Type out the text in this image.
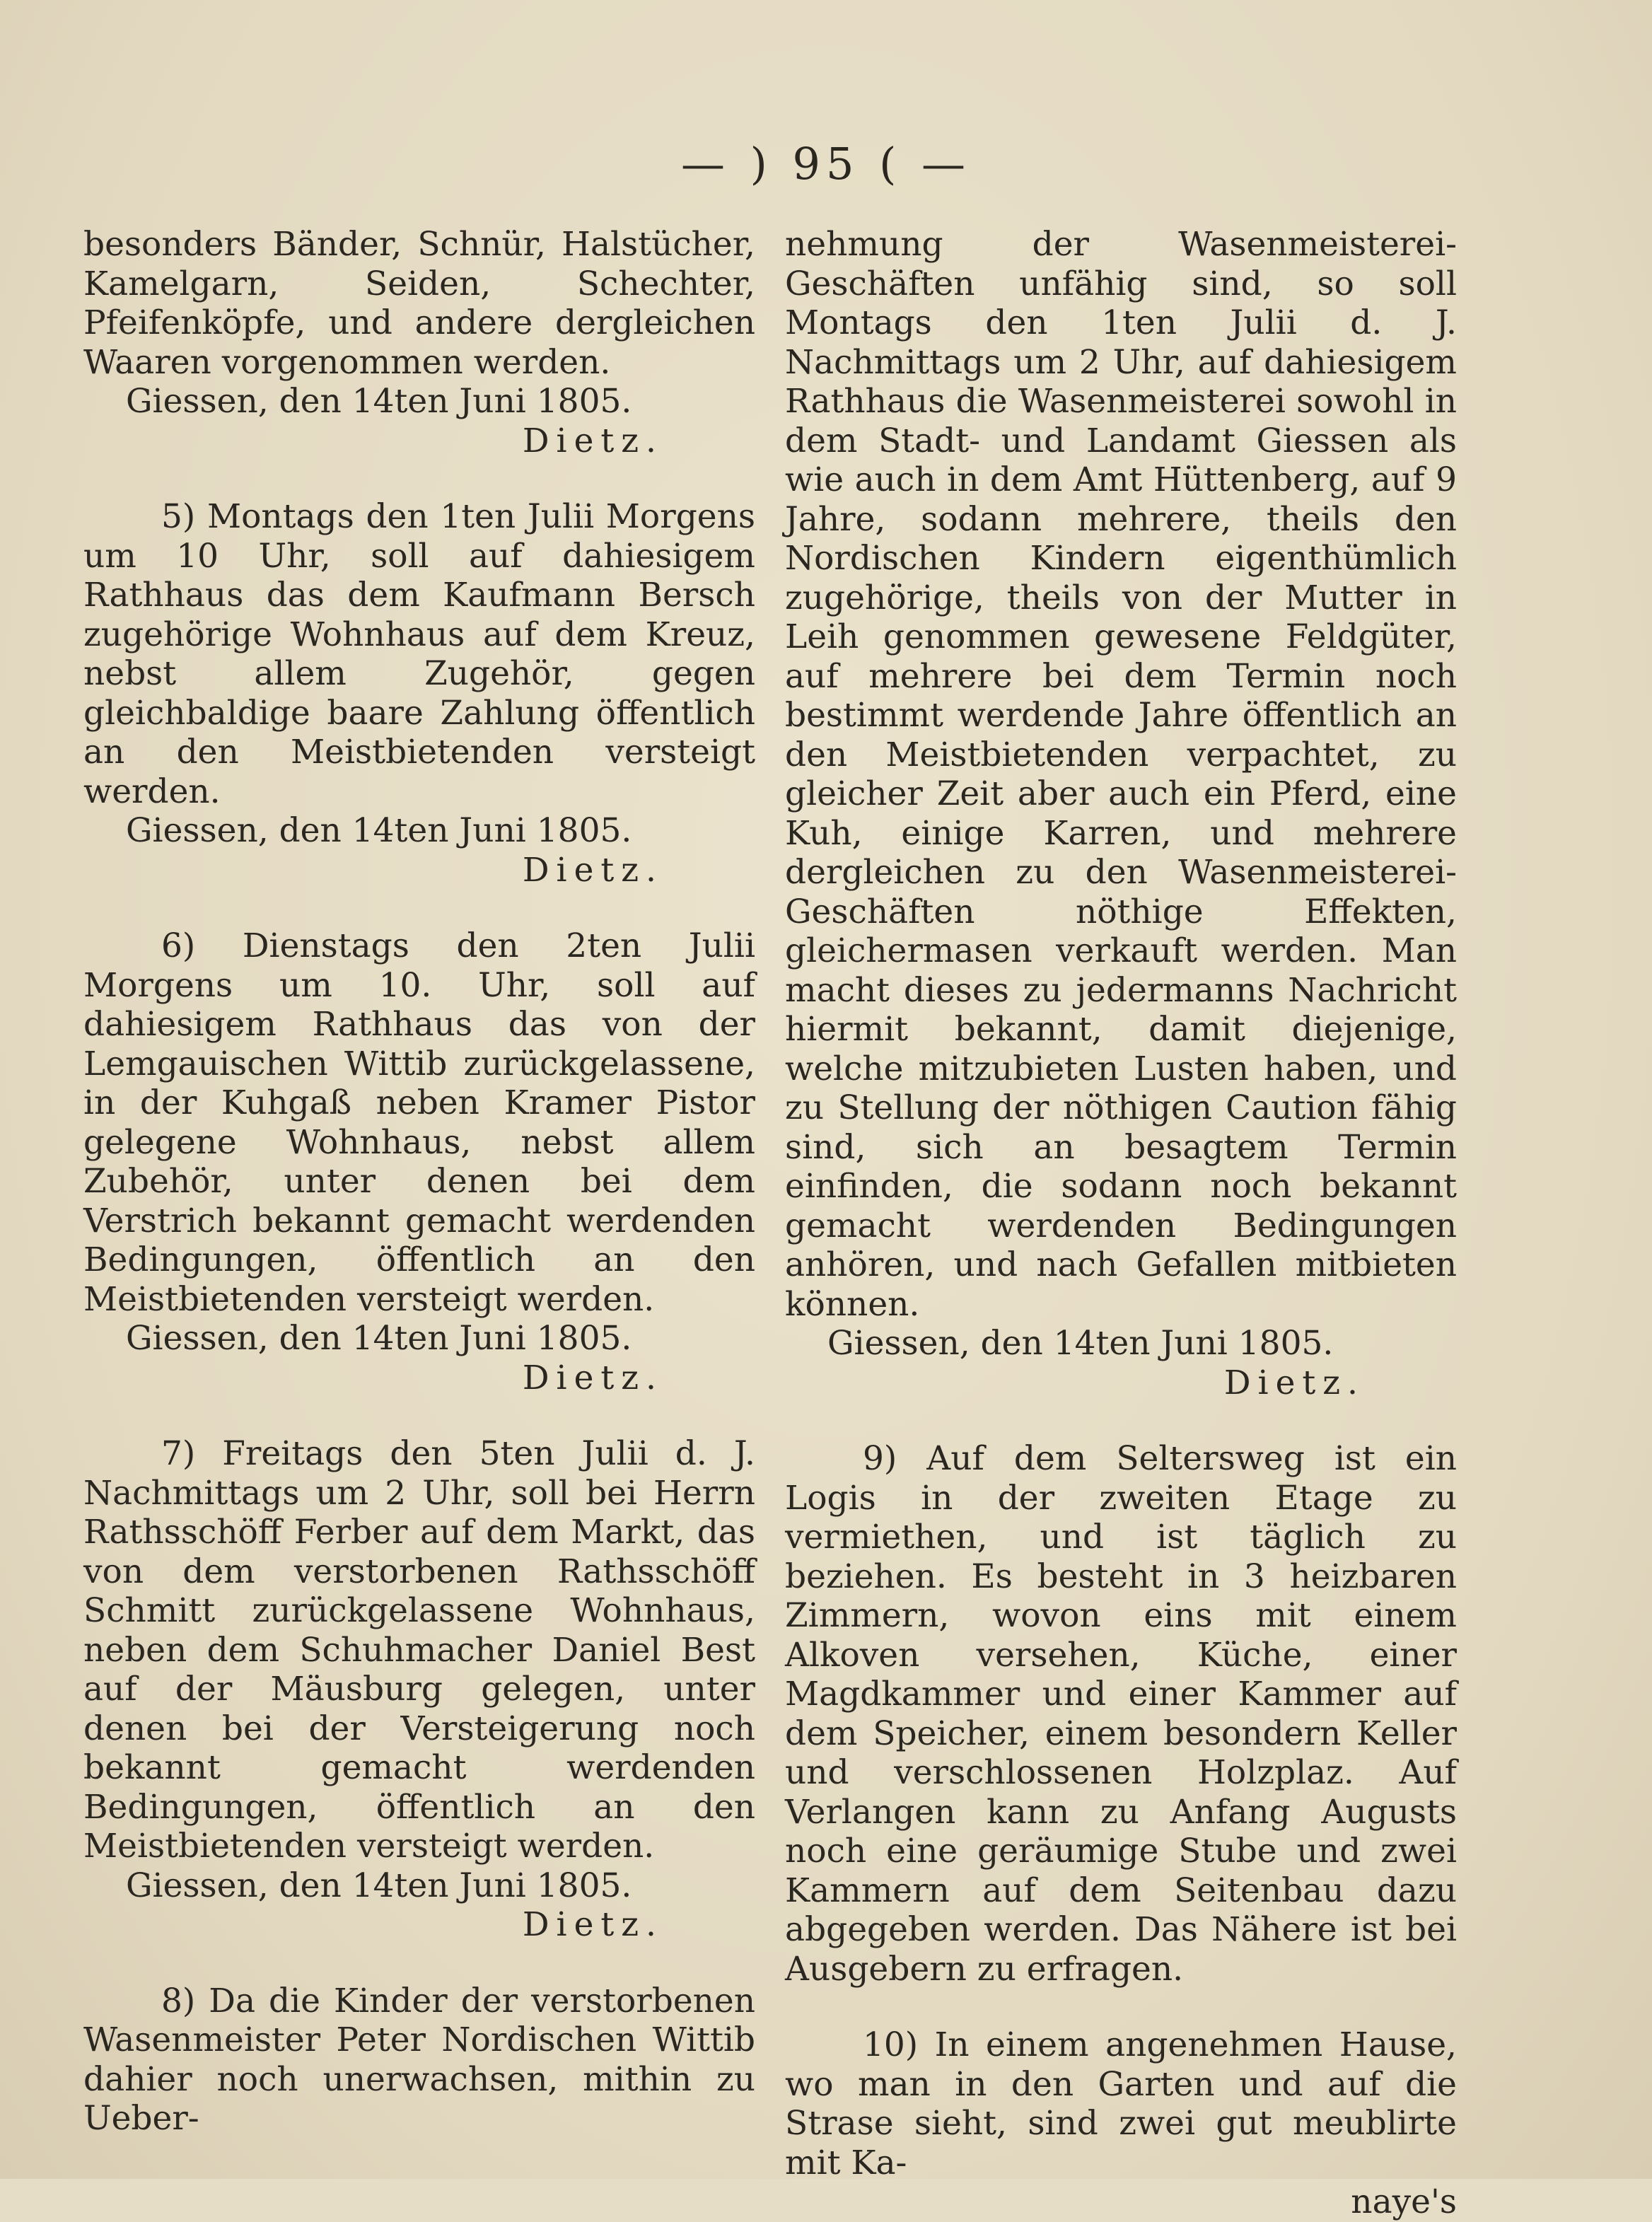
— ) 95 ( —

besonders Bänder, Schnür, Halstücher, Kamelgarn, Seiden, Schechter, Pfeifenköpfe, und andere dergleichen Waaren vorgenommen werden.

Giessen, den 14ten Juni 1805.

Dietz.

5) Montags den 1ten Julii Morgens um 10 Uhr, soll auf dahiesigem Rathhaus das dem Kaufmann Bersch zugehörige Wohnhaus auf dem Kreuz, nebst allem Zugehör, gegen gleichbaldige baare Zahlung öffentlich an den Meistbietenden versteigt werden.

Giessen, den 14ten Juni 1805.

Dietz.

6) Dienstags den 2ten Julii Morgens um 10. Uhr, soll auf dahiesigem Rathhaus das von der Lemgauischen Wittib zurückgelassene, in der Kuhgaß neben Kramer Pistor gelegene Wohnhaus, nebst allem Zubehör, unter denen bei dem Verstrich bekannt gemacht werdenden Bedingungen, öffentlich an den Meistbietenden versteigt werden.

Giessen, den 14ten Juni 1805.

Dietz.

7) Freitags den 5ten Julii d. J. Nachmittags um 2 Uhr, soll bei Herrn Rathsschöff Ferber auf dem Markt, das von dem verstorbenen Rathsschöff Schmitt zurückgelassene Wohnhaus, neben dem Schuhmacher Daniel Best auf der Mäusburg gelegen, unter denen bei der Versteigerung noch bekannt gemacht werdenden Bedingungen, öffentlich an den Meistbietenden versteigt werden.

Giessen, den 14ten Juni 1805.

Dietz.

8) Da die Kinder der verstorbenen Wasenmeister Peter Nordischen Wittib dahier noch unerwachsen, mithin zu Ueber-

nehmung der Wasenmeisterei-Geschäften unfähig sind, so soll Montags den 1ten Julii d. J. Nachmittags um 2 Uhr, auf dahiesigem Rathhaus die Wasenmeisterei sowohl in dem Stadt- und Landamt Giessen als wie auch in dem Amt Hüttenberg, auf 9 Jahre, sodann mehrere, theils den Nordischen Kindern eigenthümlich zugehörige, theils von der Mutter in Leih genommen gewesene Feldgüter, auf mehrere bei dem Termin noch bestimmt werdende Jahre öffentlich an den Meistbietenden verpachtet, zu gleicher Zeit aber auch ein Pferd, eine Kuh, einige Karren, und mehrere dergleichen zu den Wasenmeisterei-Geschäften nöthige Effekten, gleichermasen verkauft werden. Man macht dieses zu jedermanns Nachricht hiermit bekannt, damit diejenige, welche mitzubieten Lusten haben, und zu Stellung der nöthigen Caution fähig sind, sich an besagtem Termin einfinden, die sodann noch bekannt gemacht werdenden Bedingungen anhören, und nach Gefallen mitbieten können.

Giessen, den 14ten Juni 1805.

Dietz.

9) Auf dem Seltersweg ist ein Logis in der zweiten Etage zu vermiethen, und ist täglich zu beziehen. Es besteht in 3 heizbaren Zimmern, wovon eins mit einem Alkoven versehen, Küche, einer Magdkammer und einer Kammer auf dem Speicher, einem besondern Keller und verschlossenen Holzplaz. Auf Verlangen kann zu Anfang Augusts noch eine geräumige Stube und zwei Kammern auf dem Seitenbau dazu abgegeben werden. Das Nähere ist bei Ausgebern zu erfragen.

10) In einem angenehmen Hause, wo man in den Garten und auf die Strase sieht, sind zwei gut meublirte mit Ka-

naye's
